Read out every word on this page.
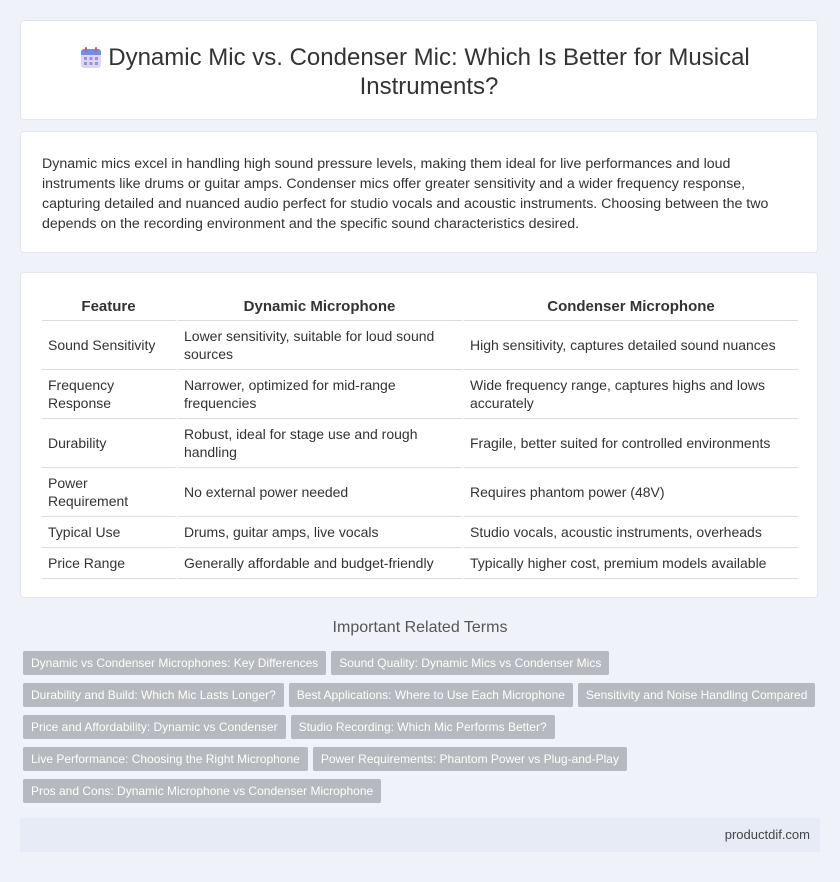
Dynamic Mic vs. Condenser Mic: Which Is Better for Musical Instruments?

Dynamic mics excel in handling high sound pressure levels, making them ideal for live performances and loud instruments like drums or guitar amps. Condenser mics offer greater sensitivity and a wider frequency response, capturing detailed and nuanced audio perfect for studio vocals and acoustic instruments. Choosing between the two depends on the recording environment and the specific sound characteristics desired.

Feature	Dynamic Microphone	Condenser Microphone
Sound Sensitivity	Lower sensitivity, suitable for loud sound sources	High sensitivity, captures detailed sound nuances
Frequency Response	Narrower, optimized for mid-range frequencies	Wide frequency range, captures highs and lows accurately
Durability	Robust, ideal for stage use and rough handling	Fragile, better suited for controlled environments
Power Requirement	No external power needed	Requires phantom power (48V)
Typical Use	Drums, guitar amps, live vocals	Studio vocals, acoustic instruments, overheads
Price Range	Generally affordable and budget-friendly	Typically higher cost, premium models available
Important Related Terms
Dynamic vs Condenser Microphones: Key Differences Sound Quality: Dynamic Mics vs Condenser Mics
Durability and Build: Which Mic Lasts Longer? Best Applications: Where to Use Each Microphone Sensitivity and Noise Handling Compared
Price and Affordability: Dynamic vs Condenser Studio Recording: Which Mic Performs Better?
Live Performance: Choosing the Right Microphone Power Requirements: Phantom Power vs Plug-and-Play
Pros and Cons: Dynamic Microphone vs Condenser Microphone
productdif.com
